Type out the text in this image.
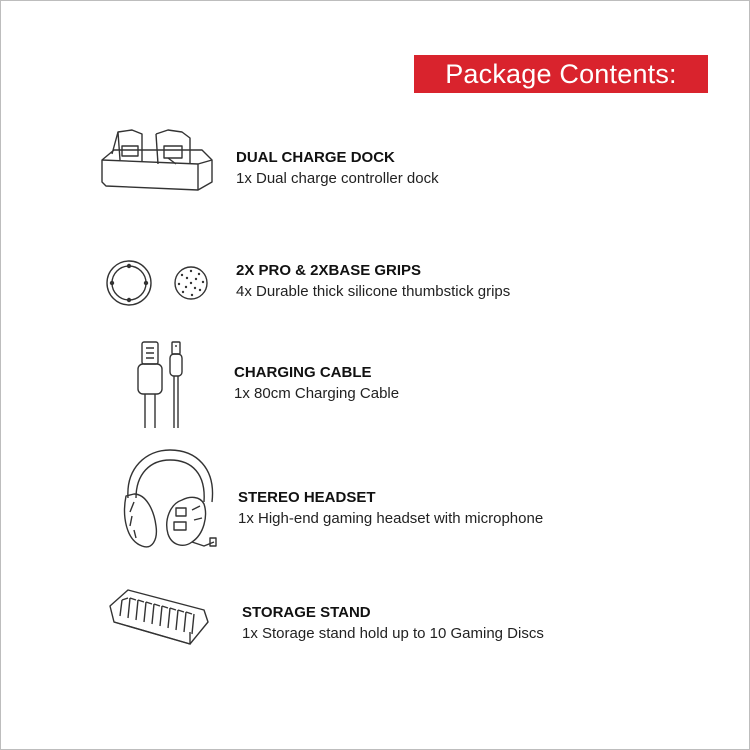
Package Contents:
DUAL CHARGE DOCK
1x Dual charge controller dock
2X PRO & 2XBASE GRIPS
4x Durable thick silicone thumbstick grips
CHARGING CABLE
1x 80cm Charging Cable
STEREO HEADSET
1x High-end gaming headset with microphone
STORAGE STAND
1x Storage stand hold up to 10 Gaming Discs
